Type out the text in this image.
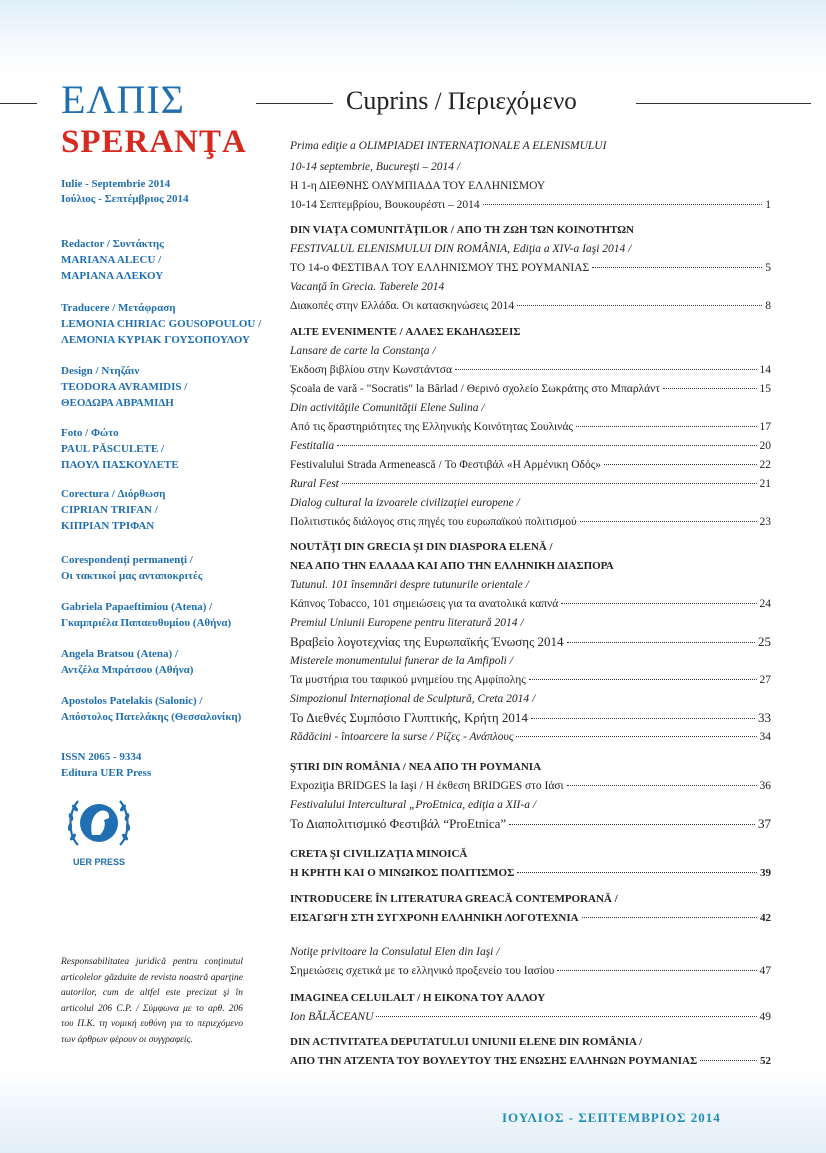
ΕΛΠΙΣ
SPERANŢA
Cuprins / Περιεχόμενο
Iulie - Septembrie 2014
Ιούλιος - Σεπτέμβριος 2014
Redactor / Συντάκτης
MARIANA ALECU /
ΜΑΡΙΑΝΑ ΑΛΕΚΟΥ
Traducere / Μετάφραση
LEMONIA CHIRIAC GOUSOPOULOU /
ΛΕΜΟΝΙΑ ΚΥΡΙΑΚ ΓΟΥΣΟΠΟΥΛΟΥ
Design / Ντηζάιν
TEODORA AVRAMIDIS /
ΘΕΟΔΩΡΑ ΑΒΡΑΜΙΔΗ
Foto / Φώτο
PAUL PĂSCULETE /
ΠΑΟΥΛ ΠΑΣΚΟΥΛΕΤΕ
Corectura / Διόρθωση
CIPRIAN TRIFAN /
ΚΙΠΡΙΑΝ ΤΡΙΦΑΝ
Corespondenţi permanenţi /
Οι τακτικοί μας ανταποκριτές
Gabriela Papaeftimiou (Atena) /
Γκαμπριέλα Παπαευθυμίου (Αθήνα)
Angela Bratsou (Atena) /
Αντζέλα Μπράτσου (Αθήνα)
Apostolos Patelakis (Salonic) /
Απόστολος Πατελάκης (Θεσσαλονίκη)
ISSN 2065 - 9334
Editura UER Press
UER PRESS
Responsabilitatea juridică pentru conţinutul articolelor găzduite de revista noastră aparţine autorilor, cum de altfel este precizat şi în articolul 206 C.P. / Σύμφωνα με το αρθ. 206 του Π.Κ. τη νομική ευθύνη για το περιεχόμενο των άρθρων φέρουν οι συγγραφείς.
Prima ediţie a OLIMPIADEI INTERNAŢIONALE A ELENISMULUI
10-14 septembrie, Bucureşti – 2014 /
Η 1-η ΔΙΕΘΝΗΣ ΟΛΥΜΠΙΑΔΑ ΤΟΥ ΕΛΛΗΝΙΣΜΟΥ
10-14 Σεπτεμβρίου, Βουκουρέστι – 2014	1
DIN VIAŢA COMUNITĂŢILOR / ΑΠΟ ΤΗ ΖΩΗ ΤΩΝ ΚΟΙΝΟΤΗΤΩΝ
FESTIVALUL ELENISMULUI DIN ROMÂNIA, Ediţia a XIV-a Iaşi 2014 /
ΤΟ 14-ο ΦΕΣΤΙΒΑΛ ΤΟΥ ΕΛΛΗΝΙΣΜΟΥ ΤΗΣ ΡΟΥΜΑΝΙΑΣ	5
Vacanţă în Grecia. Taberele 2014
Διακοπές στην Ελλάδα. Οι κατασκηνώσεις 2014	8
ALTE EVENIMENTE / ΑΛΛΕΣ ΕΚΔΗΛΩΣΕΙΣ
Lansare de carte la Constanţa /
Έκδοση βιβλίου στην Κωνστάντσα	14
Şcoala de vară - "Socratis" la Bârlad / Θερινό σχολείο Σωκράτης στο Μπαρλάντ	15
Din activităţile Comunităţii Elene Sulina /
Από τις δραστηριότητες της Ελληνικής Κοινότητας Σουλινάς	17
Festitalia	20
Festivalului Strada Armenească / Το Φεστιβάλ «Η Αρμένικη Οδός»	22
Rural Fest	21
Dialog cultural la izvoarele civilizaţiei europene /
Πολιτιστικός διάλογος στις πηγές του ευρωπαϊκού πολιτισμού	23
NOUTĂŢI DIN GRECIA ŞI DIN DIASPORA ELENĂ /
ΝΕΑ ΑΠΟ ΤΗΝ ΕΛΛΑΔΑ ΚΑΙ ΑΠΟ ΤΗΝ ΕΛΛΗΝΙΚΗ ΔΙΑΣΠΟΡΑ
Tutunul. 101 însemnări despre tutunurile orientale /
Κάπνος Tobacco, 101 σημειώσεις για τα ανατολικά καπνά	24
Premiul Uniunii Europene pentru literatură 2014 /
Βραβείο λογοτεχνίας της Ευρωπαϊκής Ένωσης 2014	25
Misterele monumentului funerar de la Amfipoli /
Τα μυστήρια του ταφικού μνημείου της Αμφίπολης	27
Simpozionul Internaţional de Sculptură, Creta 2014 /
Το Διεθνές Συμπόσιο Γλυπτικής, Κρήτη 2014	33
Rădăcini - întoarcere la surse / Ρίζες - Ανάπλους	34
ŞTIRI DIN ROMÂNIA / ΝΕΑ ΑΠΟ ΤΗ ΡΟΥΜΑΝΙΑ
Expoziţia BRIDGES la Iaşi / Η έκθεση BRIDGES στο Ιάσι	36
Festivalului Intercultural „ProEtnica, ediţia a XII-a /
Το Διαπολιτισμικό Φεστιβάλ “ProEtnica”	37
CRETA ŞI CIVILIZAŢIA MINOICĂ
Η ΚΡΗΤΗ ΚΑΙ Ο ΜΙΝΩΙΚΟΣ ΠΟΛΙΤΙΣΜΟΣ	39
INTRODUCERE ÎN LITERATURA GREACĂ CONTEMPORANĂ /
ΕΙΣΑΓΩΓΗ ΣΤΗ ΣΥΓΧΡΟΝΗ ΕΛΛΗΝΙΚΗ ΛΟΓΟΤΕΧΝΙΑ	42
Notiţe privitoare la Consulatul Elen din Iaşi /
Σημειώσεις σχετικά με το ελληνικό προξενείο του Ιασίου	47
IMAGINEA CELUILALT / Η ΕΙΚΟΝΑ ΤΟΥ ΑΛΛΟΥ
Ion BĂLĂCEANU	49
DIN ACTIVITATEA DEPUTATULUI UNIUNII ELENE DIN ROMÂNIA /
ΑΠΟ ΤΗΝ ΑΤΖΕΝΤΑ ΤΟΥ ΒΟΥΛΕΥΤΟΥ ΤΗΣ ΕΝΩΣΗΣ ΕΛΛΗΝΩΝ ΡΟΥΜΑΝΙΑΣ	52
ΙΟΥΛΙΟΣ - ΣΕΠΤΕΜΒΡΙΟΣ 2014
